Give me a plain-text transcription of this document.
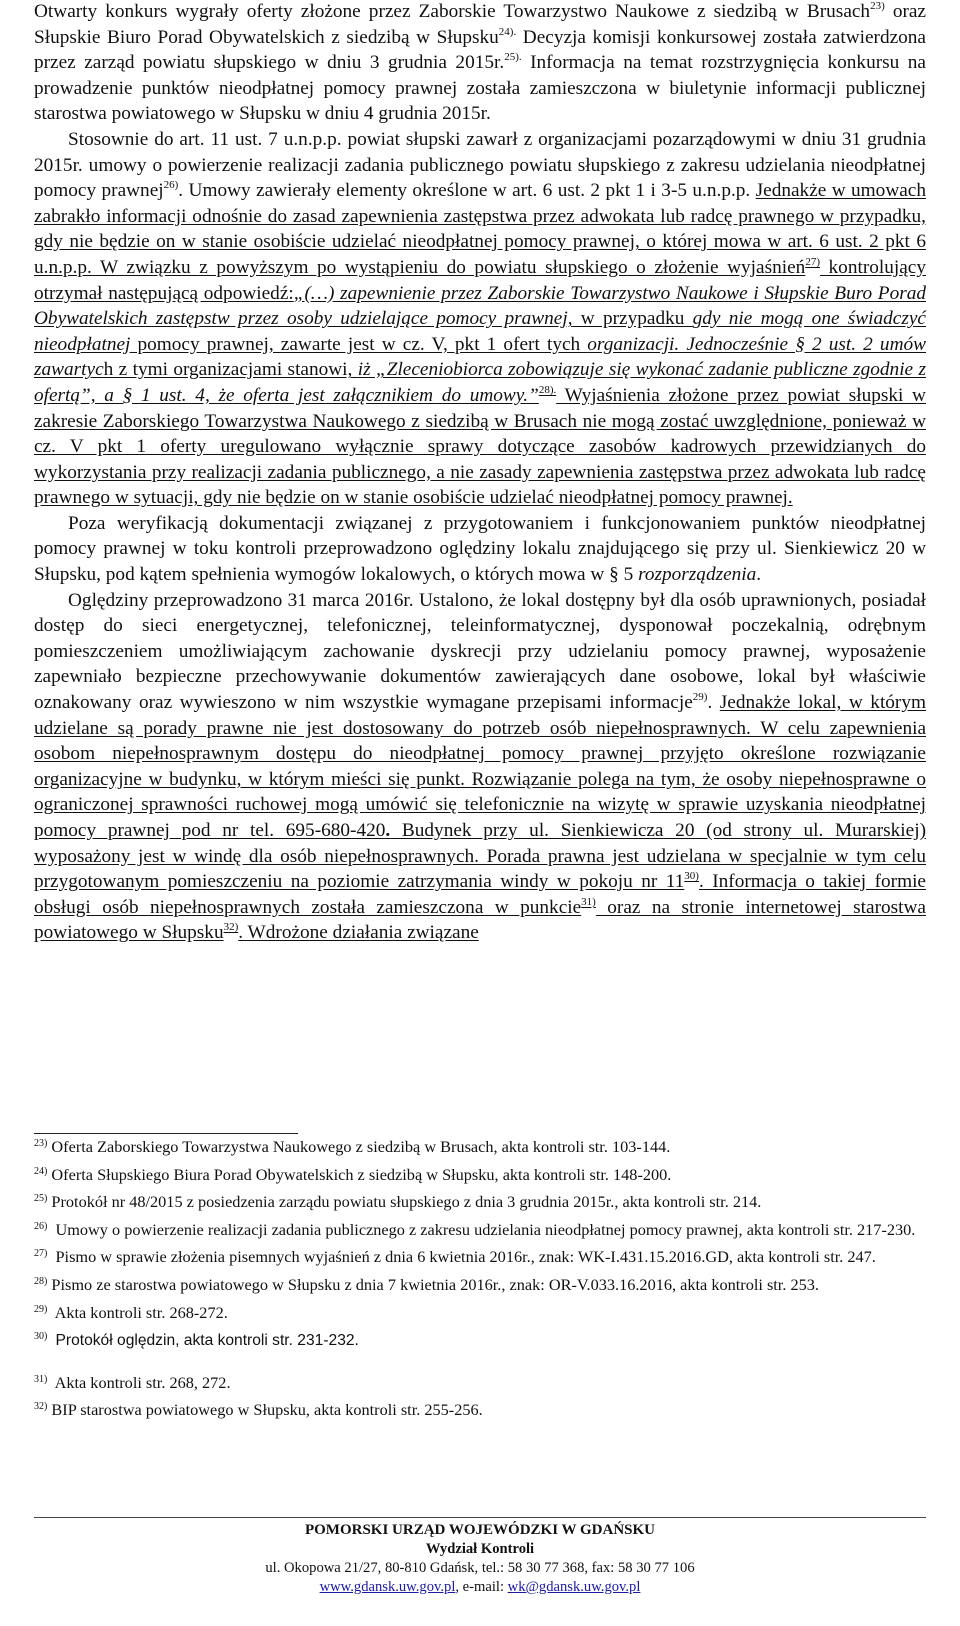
Otwarty konkurs wygrały oferty złożone przez Zaborskie Towarzystwo Naukowe z siedzibą w Brusach$^{23)}$ oraz Słupskie Biuro Porad Obywatelskich z siedzibą w Słupsku$^{24).}$ Decyzja komisji konkursowej została zatwierdzona przez zarząd powiatu słupskiego w dniu 3 grudnia 2015r.$^{25).}$ Informacja na temat rozstrzygnięcia konkursu na prowadzenie punktów nieodpłatnej pomocy prawnej została zamieszczona w biuletynie informacji publicznej starostwa powiatowego w Słupsku w dniu 4 grudnia 2015r.

Stosownie do art. 11 ust. 7 u.n.p.p. powiat słupski zawarł z organizacjami pozarządowymi w dniu 31 grudnia 2015r. umowy o powierzenie realizacji zadania publicznego powiatu słupskiego z zakresu udzielania nieodpłatnej pomocy prawnej$^{26)}$. Umowy zawierały elementy określone w art. 6 ust. 2 pkt 1 i 3-5 u.n.p.p. Jednakże w umowach zabrakło informacji odnośnie do zasad zapewnienia zastępstwa przez adwokata lub radcę prawnego w przypadku, gdy nie będzie on w stanie osobiście udzielać nieodpłatnej pomocy prawnej, o której mowa w art. 6 ust. 2 pkt 6 u.n.p.p. W związku z powyższym po wystąpieniu do powiatu słupskiego o złożenie wyjaśnień$^{27)}$ kontrolujący otrzymał następującą odpowiedź:„(…) zapewnienie przez Zaborskie Towarzystwo Naukowe i Słupskie Buro Porad Obywatelskich zastępstw przez osoby udzielające pomocy prawnej, w przypadku gdy nie mogą one świadczyć nieodpłatnej pomocy prawnej, zawarte jest w cz. V, pkt 1 ofert tych organizacji. Jednocześnie § 2 ust. 2 umów zawartych z tymi organizacjami stanowi, iż „Zleceniobiorca zobowiązuje się wykonać zadanie publiczne zgodnie z ofertą”, a § 1 ust. 4, że oferta jest załącznikiem do umowy.”$^{28).}$ Wyjaśnienia złożone przez powiat słupski w zakresie Zaborskiego Towarzystwa Naukowego z siedzibą w Brusach nie mogą zostać uwzględnione, ponieważ w cz. V pkt 1 oferty uregulowano wyłącznie sprawy dotyczące zasobów kadrowych przewidzianych do wykorzystania przy realizacji zadania publicznego, a nie zasady zapewnienia zastępstwa przez adwokata lub radcę prawnego w sytuacji, gdy nie będzie on w stanie osobiście udzielać nieodpłatnej pomocy prawnej.

Poza weryfikacją dokumentacji związanej z przygotowaniem i funkcjonowaniem punktów nieodpłatnej pomocy prawnej w toku kontroli przeprowadzono oględziny lokalu znajdującego się przy ul. Sienkiewicz 20 w Słupsku, pod kątem spełnienia wymogów lokalowych, o których mowa w § 5 rozporządzenia.

Oględziny przeprowadzono 31 marca 2016r. Ustalono, że lokal dostępny był dla osób uprawnionych, posiadał dostęp do sieci energetycznej, telefonicznej, teleinformatycznej, dysponował poczekalnią, odrębnym pomieszczeniem umożliwiającym zachowanie dyskrecji przy udzielaniu pomocy prawnej, wyposażenie zapewniało bezpieczne przechowywanie dokumentów zawierających dane osobowe, lokal był właściwie oznakowany oraz wywieszono w nim wszystkie wymagane przepisami informacje$^{29)}$. Jednakże lokal, w którym udzielane są porady prawne nie jest dostosowany do potrzeb osób niepełnosprawnych. W celu zapewnienia osobom niepełnosprawnym dostępu do nieodpłatnej pomocy prawnej przyjęto określone rozwiązanie organizacyjne w budynku, w którym mieści się punkt. Rozwiązanie polega na tym, że osoby niepełnosprawne o ograniczonej sprawności ruchowej mogą umówić się telefonicznie na wizytę w sprawie uzyskania nieodpłatnej pomocy prawnej pod nr tel. 695-680-420. Budynek przy ul. Sienkiewicza 20 (od strony ul. Murarskiej) wyposażony jest w windę dla osób niepełnosprawnych. Porada prawna jest udzielana w specjalnie w tym celu przygotowanym pomieszczeniu na poziomie zatrzymania windy w pokoju nr 11$^{30)}$. Informacja o takiej formie obsługi osób niepełnosprawnych została zamieszczona w punkcie$^{31)}$ oraz na stronie internetowej starostwa powiatowego w Słupsku$^{32)}$. Wdrożone działania związane

$^{23)}$ Oferta Zaborskiego Towarzystwa Naukowego z siedzibą w Brusach, akta kontroli str. 103-144.

$^{24)}$ Oferta Słupskiego Biura Porad Obywatelskich z siedzibą w Słupsku, akta kontroli str. 148-200.

$^{25)}$ Protokół nr 48/2015 z posiedzenia zarządu powiatu słupskiego z dnia 3 grudnia 2015r., akta kontroli str. 214.

$^{26)}$ Umowy o powierzenie realizacji zadania publicznego z zakresu udzielania nieodpłatnej pomocy prawnej, akta kontroli str. 217-230.

$^{27)}$ Pismo w sprawie złożenia pisemnych wyjaśnień z dnia 6 kwietnia 2016r., znak: WK-I.431.15.2016.GD, akta kontroli str. 247.

$^{28)}$ Pismo ze starostwa powiatowego w Słupsku z dnia 7 kwietnia 2016r., znak: OR-V.033.16.2016, akta kontroli str. 253.

$^{29)}$ Akta kontroli str. 268-272.

$^{30)}$ Protokół oględzin, akta kontroli str. 231-232.

$^{31)}$ Akta kontroli str. 268, 272.

$^{32)}$ BIP starostwa powiatowego w Słupsku, akta kontroli str. 255-256.

POMORSKI URZĄD WOJEWÓDZKI W GDAŃSKU
Wydział Kontroli
ul. Okopowa 21/27, 80-810 Gdańsk, tel.: 58 30 77 368, fax: 58 30 77 106
www.gdansk.uw.gov.pl, e-mail: wk@gdansk.uw.gov.pl
